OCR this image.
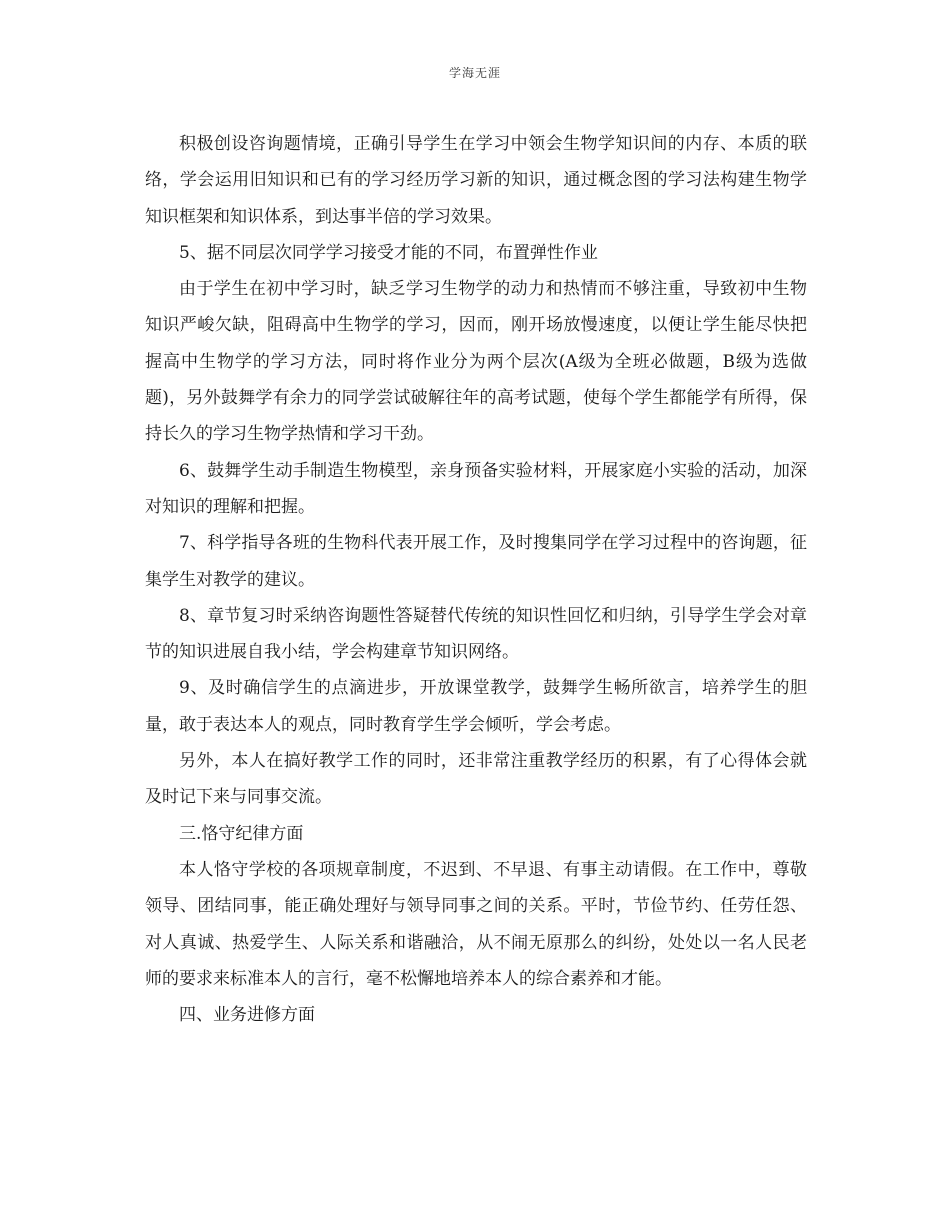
学海无涯

积极创设咨询题情境，正确引导学生在学习中领会生物学知识间的内存、本质的联络，学会运用旧知识和已有的学习经历学习新的知识，通过概念图的学习法构建生物学知识框架和知识体系，到达事半倍的学习效果。

5、据不同层次同学学习接受才能的不同，布置弹性作业

由于学生在初中学习时，缺乏学习生物学的动力和热情而不够注重，导致初中生物知识严峻欠缺，阻碍高中生物学的学习，因而，刚开场放慢速度，以便让学生能尽快把握高中生物学的学习方法，同时将作业分为两个层次(A级为全班必做题，B级为选做题)，另外鼓舞学有余力的同学尝试破解往年的高考试题，使每个学生都能学有所得，保持长久的学习生物学热情和学习干劲。

6、鼓舞学生动手制造生物模型，亲身预备实验材料，开展家庭小实验的活动，加深对知识的理解和把握。

7、科学指导各班的生物科代表开展工作，及时搜集同学在学习过程中的咨询题，征集学生对教学的建议。

8、章节复习时采纳咨询题性答疑替代传统的知识性回忆和归纳，引导学生学会对章节的知识进展自我小结，学会构建章节知识网络。

9、及时确信学生的点滴进步，开放课堂教学，鼓舞学生畅所欲言，培养学生的胆量，敢于表达本人的观点，同时教育学生学会倾听，学会考虑。

另外，本人在搞好教学工作的同时，还非常注重教学经历的积累，有了心得体会就及时记下来与同事交流。

三.恪守纪律方面

本人恪守学校的各项规章制度，不迟到、不早退、有事主动请假。在工作中，尊敬领导、团结同事，能正确处理好与领导同事之间的关系。平时，节俭节约、任劳任怨、对人真诚、热爱学生、人际关系和谐融洽，从不闹无原那么的纠纷，处处以一名人民老师的要求来标准本人的言行，毫不松懈地培养本人的综合素养和才能。

四、业务进修方面
